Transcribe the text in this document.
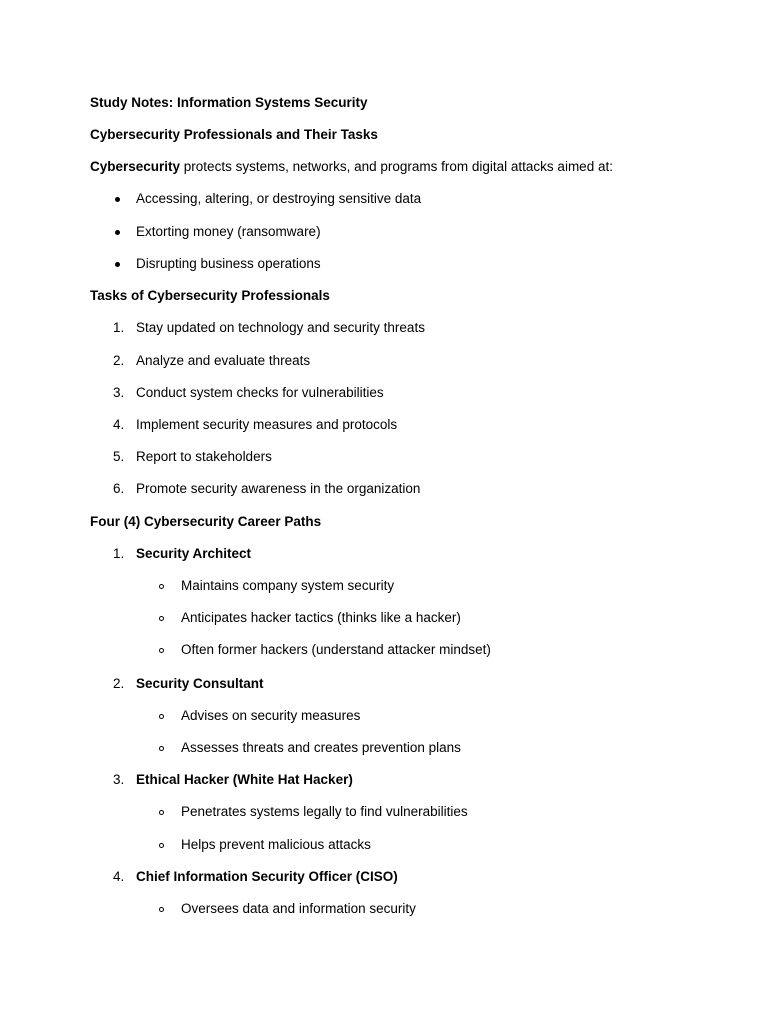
Study Notes: Information Systems Security
Cybersecurity Professionals and Their Tasks
Cybersecurity protects systems, networks, and programs from digital attacks aimed at:
Accessing, altering, or destroying sensitive data
Extorting money (ransomware)
Disrupting business operations
Tasks of Cybersecurity Professionals
1. Stay updated on technology and security threats
2. Analyze and evaluate threats
3. Conduct system checks for vulnerabilities
4. Implement security measures and protocols
5. Report to stakeholders
6. Promote security awareness in the organization
Four (4) Cybersecurity Career Paths
1. Security Architect
Maintains company system security
Anticipates hacker tactics (thinks like a hacker)
Often former hackers (understand attacker mindset)
2. Security Consultant
Advises on security measures
Assesses threats and creates prevention plans
3. Ethical Hacker (White Hat Hacker)
Penetrates systems legally to find vulnerabilities
Helps prevent malicious attacks
4. Chief Information Security Officer (CISO)
Oversees data and information security
